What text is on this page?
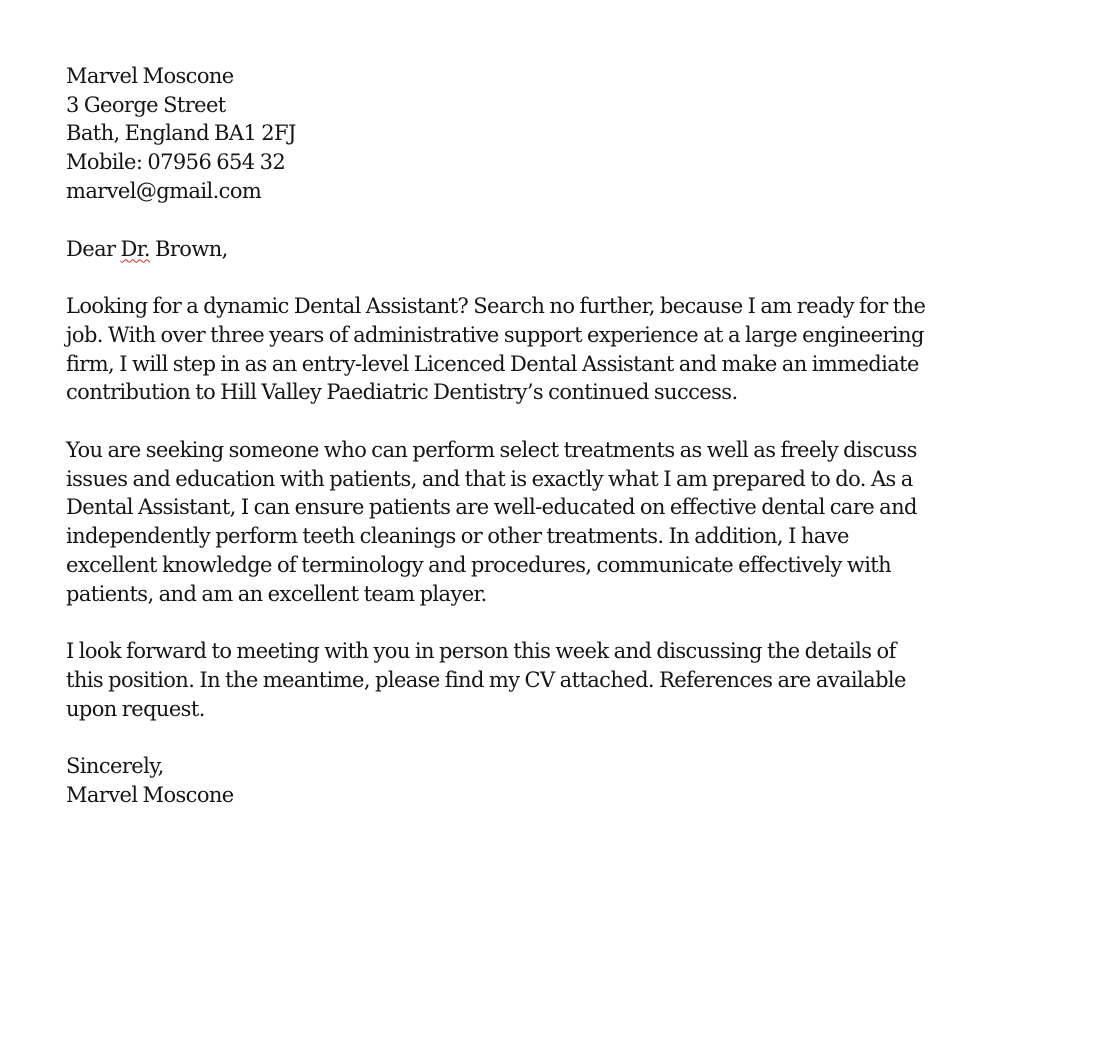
Marvel Moscone
3 George Street
Bath, England BA1 2FJ
Mobile: 07956 654 32
marvel@gmail.com
Dear Dr. Brown,
Looking for a dynamic Dental Assistant? Search no further, because I am ready for the
job. With over three years of administrative support experience at a large engineering
firm, I will step in as an entry-level Licenced Dental Assistant and make an immediate
contribution to Hill Valley Paediatric Dentistry’s continued success.
You are seeking someone who can perform select treatments as well as freely discuss
issues and education with patients, and that is exactly what I am prepared to do. As a
Dental Assistant, I can ensure patients are well-educated on effective dental care and
independently perform teeth cleanings or other treatments. In addition, I have
excellent knowledge of terminology and procedures, communicate effectively with
patients, and am an excellent team player.
I look forward to meeting with you in person this week and discussing the details of
this position. In the meantime, please find my CV attached. References are available
upon request.
Sincerely,
Marvel Moscone
